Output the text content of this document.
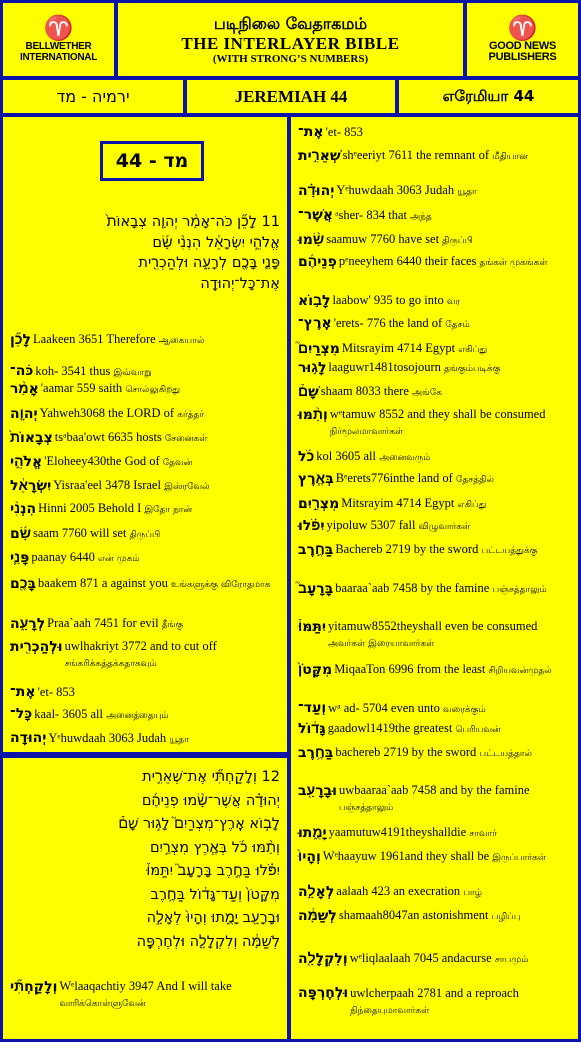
♈
BELLWETHER
INTERNATIONAL
படிநிலை வேதாகமம்
THE INTERLAYER BIBLE
(WITH STRONG’S NUMBERS)
♈
GOOD NEWS
PUBLISHERS
ירמיה - מד	JEREMIAH 44	எரேமியா 44
מד - 44
11 לָכֵ֞ן כֹּה־אָמַ֨ר יְהוָ֤ה צְבָאוֹת֙
אֱלֹהֵ֣י יִשְׂרָאֵ֔ל הִנְנִ֨י שָׂ֜ם
פָּנַ֛י בָּכֶ֖ם לְרָעָ֑ה וּלְהַכְרִ֖ית
אֶת־כָּל־יְהוּדָֽה
לָכֵ֞ן Laakeen 3651 Therefore ஆகையால்
כֹּה־ koh- 3541 thus இவ்வாறு
אָמַ֨ר 'aamar 559 saith சொல்லுகிறது
יְהוָ֤ה Yahweh3068 the LORD of கர்த்தர்
צְבָאוֹת֙ tsᵃbaa'owt 6635 hosts சேனைகள்
אֱלֹהֵ֣י 'Eloheey430the God of தேவன்
יִשְׂרָאֵ֔ל Yisraa'eel 3478 Israel இஸ்ரவேல்
הִנְנִ֨י Hinni 2005 Behold I இதோ நான்
שָׂ֜ם saam 7760 will set திருப்பி
פָּנַ֛י paanay 6440 என் முகம்
בָּכֶ֖ם baakem 871 a against you உங்களுக்கு விரோதமாக
לְרָעָ֑ה Praa`aah 7451 for evil தீங்கு
וּלְהַכְרִ֖ית uwlhakriyt 3772 and to cut off சங்கரிக்கத்தக்கதாகவும்
אֶת־ 'et- 853
כָּל־ kaal- 3605 all அனைத்தையும்
יְהוּדָֽה Yᵉhuwdaah 3063 Judah யூதா
12 וְלָקַחְתִּ֞י אֶת־שְׁאֵרִ֣ית
יְהוּדָ֗ה אֲשֶׁר־שָׂ֨מוּ פְנֵיהֶ֜ם
לָב֣וֹא אֶֽרֶץ־מִצְרַיִם֮ לָג֣וּר שָׁם֒
וְתַ֨מּוּ כֹ֜ל בְּאֶ֧רֶץ מִצְרַ֣יִם
יִפֹּ֗לוּ בַּחֶ֣רֶב בָּרָעָב֮ יִתַּמּוּ֒
מִקָּטֹן֙ וְעַד־גָּד֔וֹל בַּחֶ֥רֶב
וּבָרָעָ֖ב יָמֻ֑תוּ וְהָיוּ֙ לְאָלָ֣ה
לְשַׁמָּ֔ה וְלִקְלָלָ֖ה וּלְחֶרְפָּֽה
וְלָקַחְתִּ֞י Wᵉlaaqachtiy 3947 And I will take வாரிக்கொள்ளுவேன்
אֶת־ 'et- 853
שְׁאֵרִ֣ית shᵉeeriyt 7611 the remnant of மீதியான
יְהוּדָ֗ה Yᵉhuwdaah 3063 Judah யூதா
אֲשֶׁר־ ᵃsher- 834 that அந்த
שָׂ֨מוּ saamuw 7760 have set திருப்பி
פְנֵיהֶ֜ם pᵉneeyhem 6440 their faces தங்கள் முகங்கள்
לָב֣וֹא laabow' 935 to go into வர
אֶֽרֶץ־ 'erets- 776 the land of தேசம்
מִצְרַיִם֮ Mitsrayim 4714 Egypt எகிப்து
לָג֣וּר laaguwr1481tosojourn தங்கும்படிக்கு
שָׁם֒ shaam 8033 there அங்கே
וְתַ֨מּוּ wᵉtamuw 8552 and they shall be consumed நிர்மூலமாவார்கள்
כֹ֜ל kol 3605 all அனைவரும்
בְּאֶ֧רֶץ Bᵉerets776inthe land of தேசத்தில்
מִצְרַ֣יִם Mitsrayim 4714 Egypt எகிப்து
יִפֹּ֗לוּ yipoluw 5307 fall விழுவார்கள்
בַּחֶ֣רֶב Bachereb 2719 by the sword பட்டயத்துக்கு
בָּרָעָב֮ baaraa`aab 7458 by the famine பஞ்சத்தாலும்
יִתַּמּוּ֒ yitamuw8552theyshall even be consumed அவர்கள் இரையாவார்கள்
מִקָּטֹן֙ MiqaaTon 6996 from the least சிறியவன்முதல்
וְעַד־ wᵃ ad- 5704 even unto வரைக்கும்
גָּד֔וֹל gaadowl1419the greatest பெரியவன்
בַּחֶ֥רֶב bachereb 2719 by the sword பட்டயத்தால்
וּבָרָעָ֖ב uwbaaraa`aab 7458 and by the famine பஞ்சத்தாலும்
יָמֻ֑תוּ yaamutuw4191theyshalldie சாவார்
וְהָיוּ֙ Wᵉhaayuw 1961and they shall be இருப்பார்கள்
לְאָלָ֣ה aalaah 423 an execration பாழ்
לְשַׁמָּ֔ה shamaah8047an astonishment பழிப்பு
וְלִקְלָלָ֖ה wᵉliqlaalaah 7045 andacurse சாபமும்
וּלְחֶרְפָּֽה uwlcherpaah 2781 and a reproach நிந்தையுமாவார்கள்
